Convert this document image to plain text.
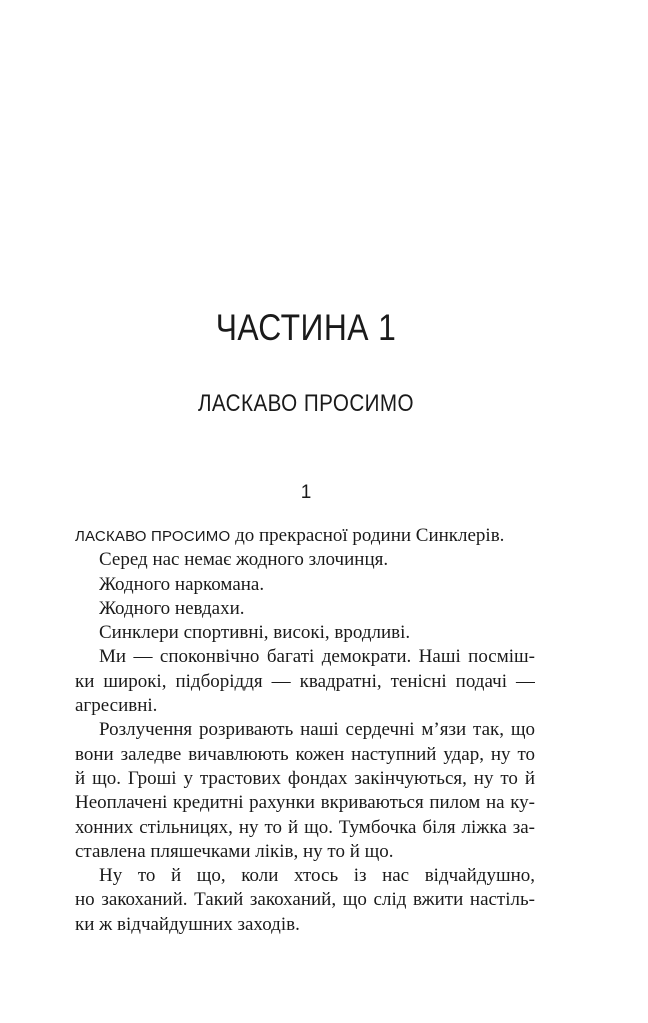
ЧАСТИНА 1
ЛАСКАВО ПРОСИМО
1
ЛАСКАВО ПРОСИМО до прекрасної родини Синклерів.
Серед нас немає жодного злочинця.
Жодного наркомана.
Жодного невдахи.
Синклери спортивні, високі, вродливі.
Ми — споконвічно багаті демократи. Наші посміш-
ки широкі, підборіддя — квадратні, тенісні подачі —
агресивні.
Розлучення розривають наші сердечні м’язи так, що
вони заледве вичавлюють кожен наступний удар, ну то
й що. Гроші у трастових фондах закінчуються, ну то й
Неоплачені кредитні рахунки вкриваються пилом на ку-
хонних стільницях, ну то й що. Тумбочка біля ліжка за-
ставлена пляшечками ліків, ну то й що.
Ну то й що, коли хтось із нас відчайдушно,
но закоханий. Такий закоханий, що слід вжити настіль-
ки ж відчайдушних заходів.
